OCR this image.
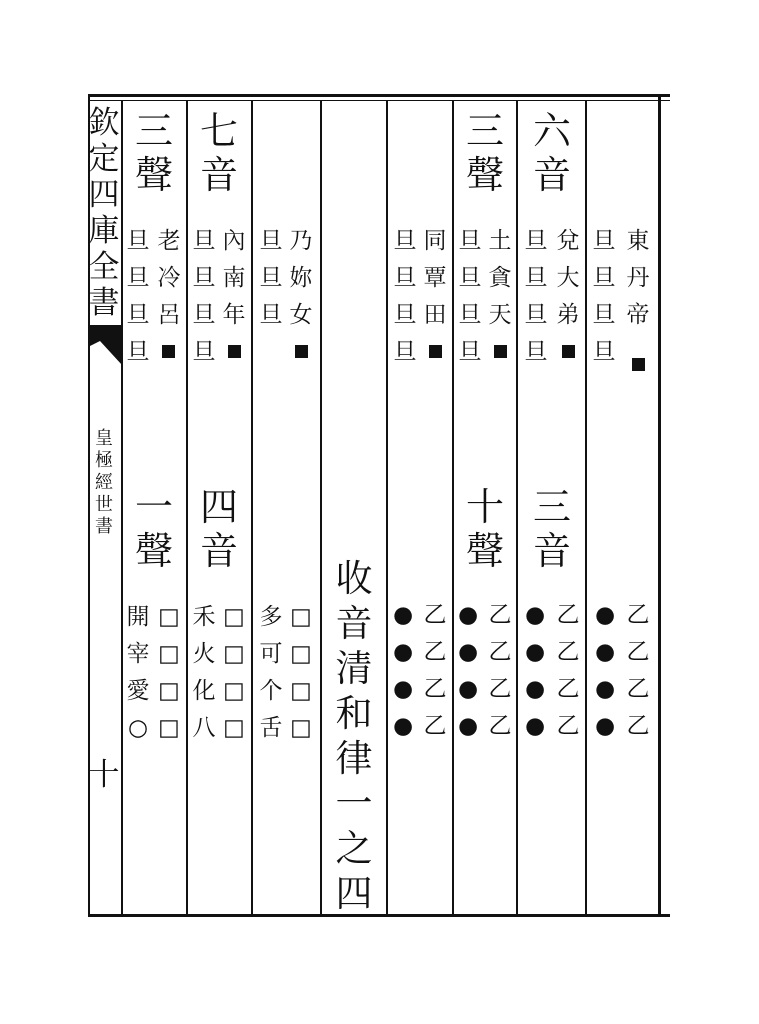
欽
定
四
庫
全
書
皇
極
經
世
書
十
三
聲
老
冷
呂
旦
旦
旦
旦
一
聲
□
□
□
□
開
宰
愛
○
七
音
內
南
年
旦
旦
旦
旦
四
音
□
□
□
□
禾
火
化
八
乃
妳
女
旦
旦
旦
□
□
□
□
多
可
个
舌
收
音
清
和
律
一
之
四
同
覃
田
旦
旦
旦
旦
乙
乙
乙
乙
●
●
●
●
三
聲
土
貪
天
旦
旦
旦
旦
十
聲
乙
乙
乙
乙
●
●
●
●
六
音
兌
大
弟
旦
旦
旦
旦
三
音
乙
乙
乙
乙
●
●
●
●
東
丹
帝
旦
旦
旦
旦
乙
乙
乙
乙
●
●
●
●
